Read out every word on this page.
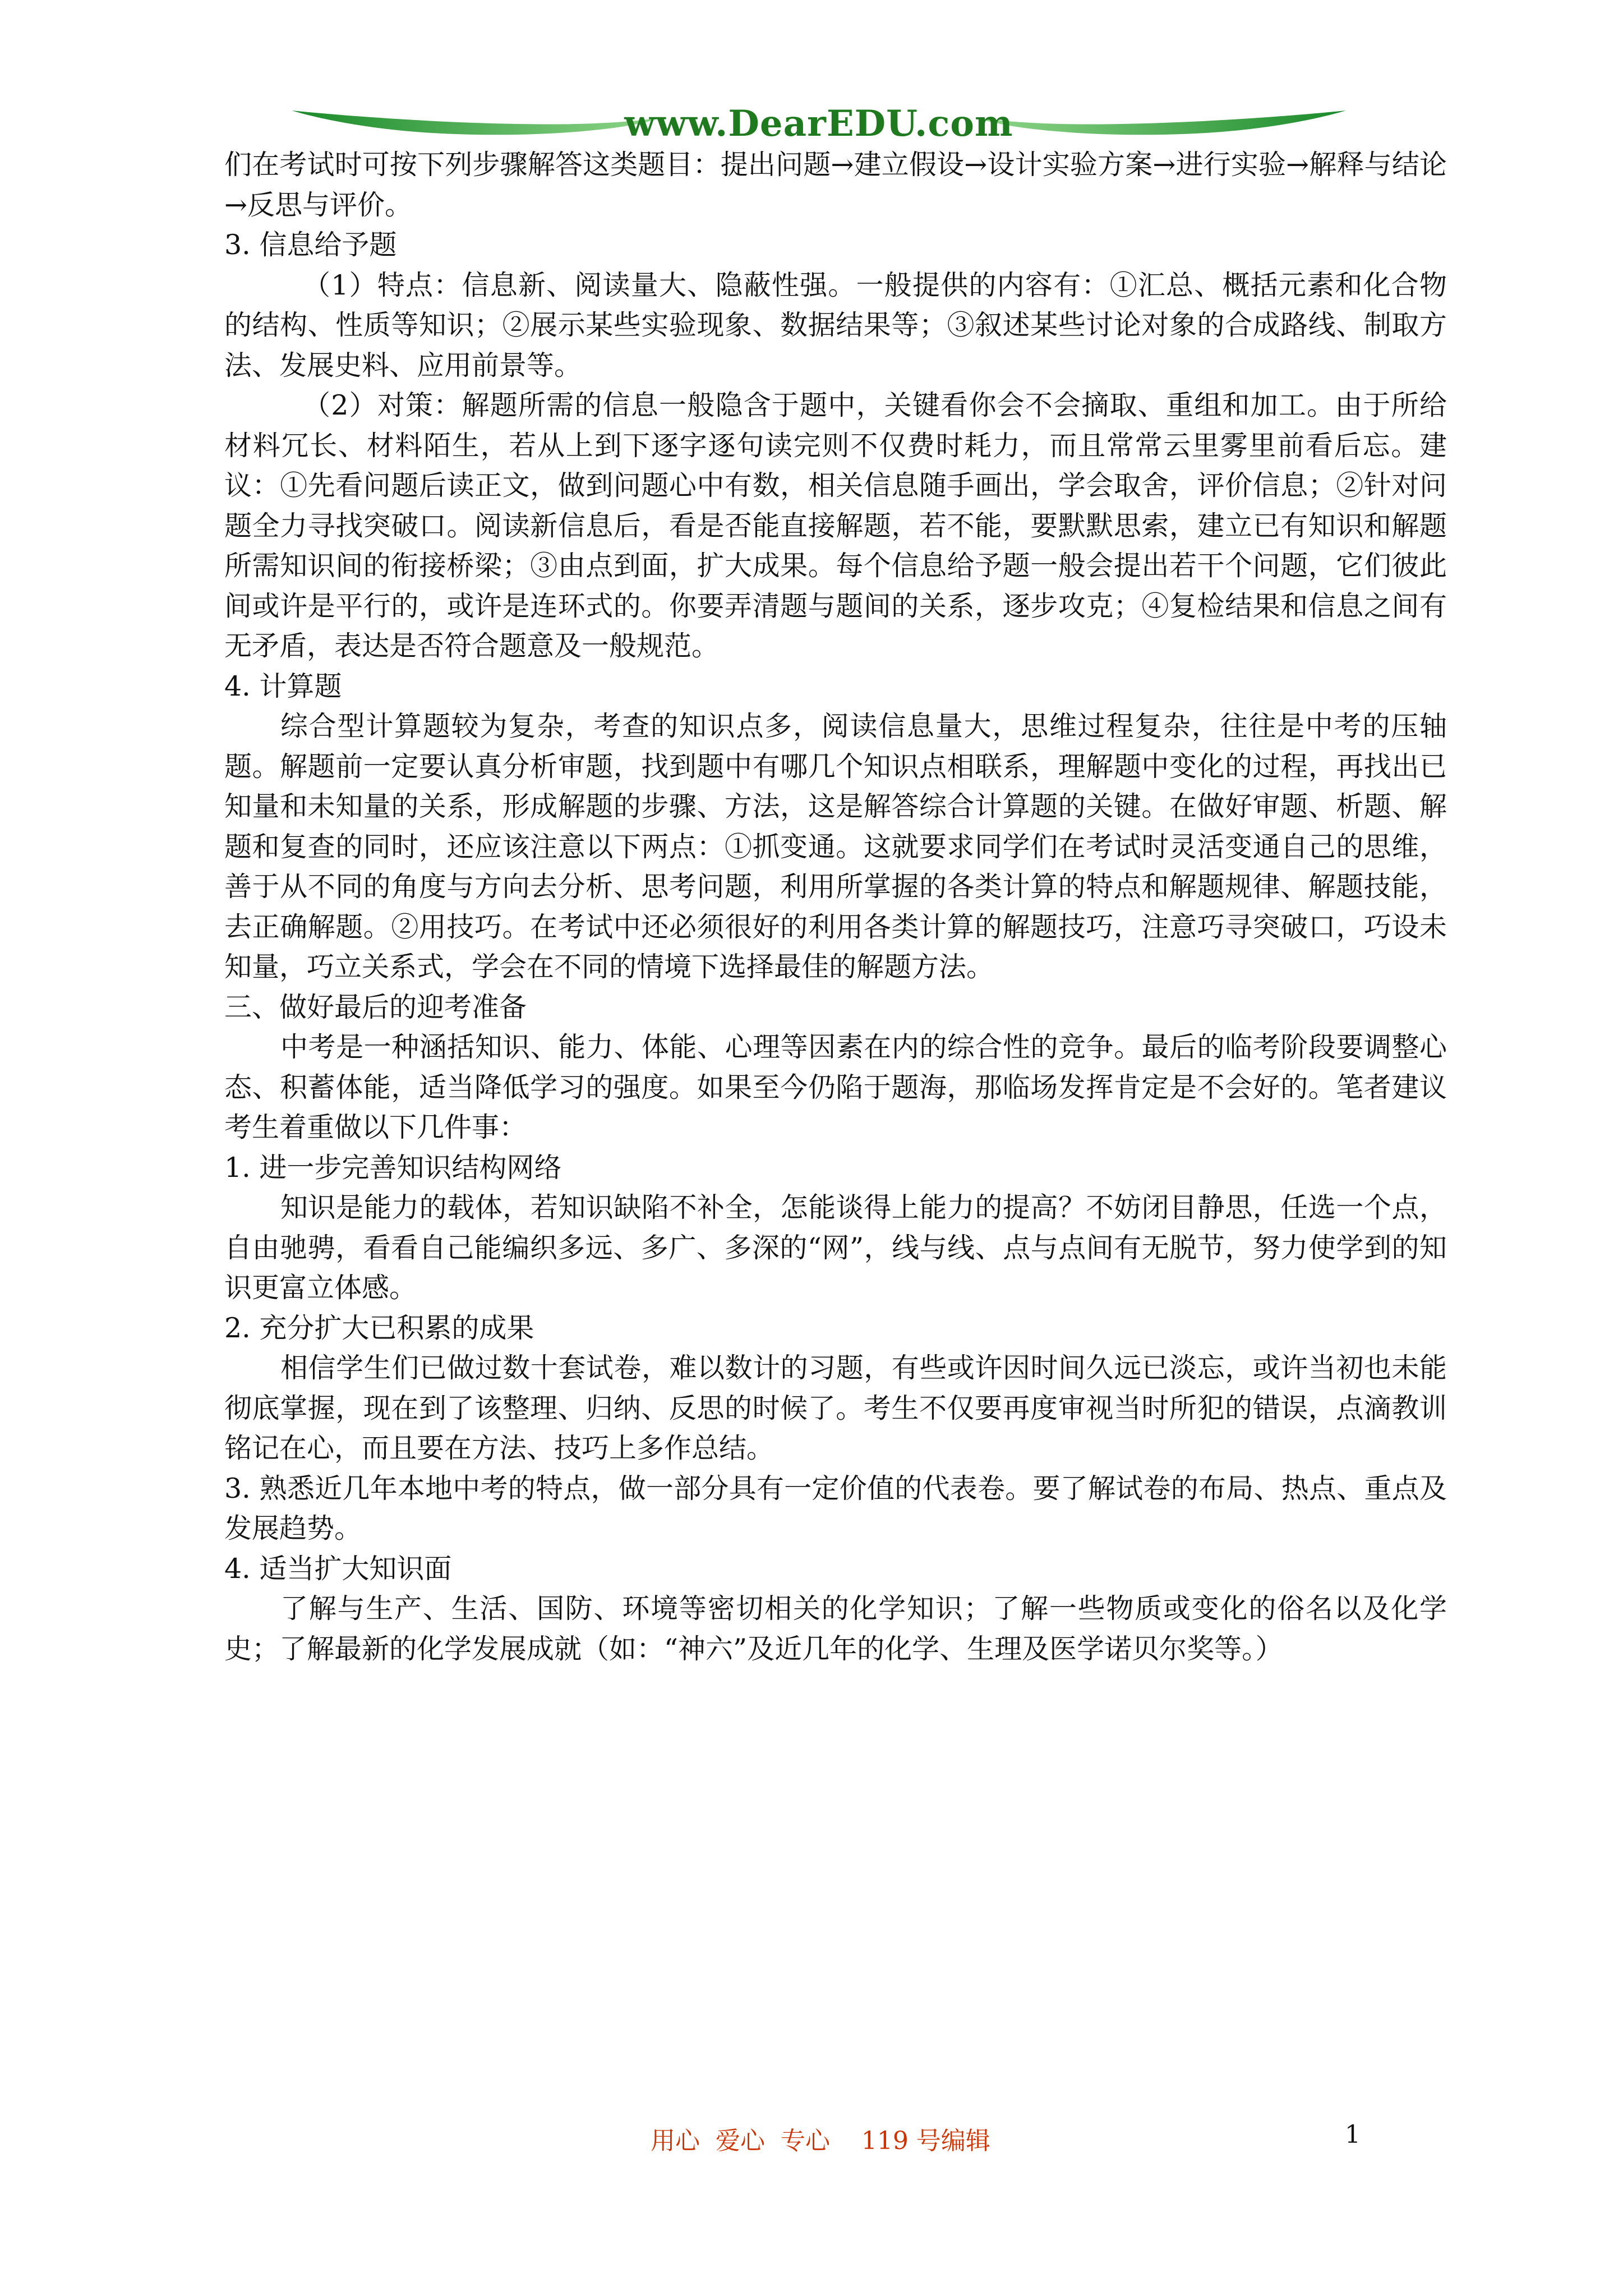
www.DearEDU.com

们在考试时可按下列步骤解答这类题目：提出问题→建立假设→设计实验方案→进行实验→解释与结论→反思与评价。

3. 信息给予题

（1）特点：信息新、阅读量大、隐蔽性强。一般提供的内容有：①汇总、概括元素和化合物的结构、性质等知识；②展示某些实验现象、数据结果等；③叙述某些讨论对象的合成路线、制取方法、发展史料、应用前景等。

（2）对策：解题所需的信息一般隐含于题中，关键看你会不会摘取、重组和加工。由于所给材料冗长、材料陌生，若从上到下逐字逐句读完则不仅费时耗力，而且常常云里雾里前看后忘。建议：①先看问题后读正文，做到问题心中有数，相关信息随手画出，学会取舍，评价信息；②针对问题全力寻找突破口。阅读新信息后，看是否能直接解题，若不能，要默默思索，建立已有知识和解题所需知识间的衔接桥梁；③由点到面，扩大成果。每个信息给予题一般会提出若干个问题，它们彼此间或许是平行的，或许是连环式的。你要弄清题与题间的关系，逐步攻克；④复检结果和信息之间有无矛盾，表达是否符合题意及一般规范。

4. 计算题

综合型计算题较为复杂，考查的知识点多，阅读信息量大，思维过程复杂，往往是中考的压轴题。解题前一定要认真分析审题，找到题中有哪几个知识点相联系，理解题中变化的过程，再找出已知量和未知量的关系，形成解题的步骤、方法，这是解答综合计算题的关键。在做好审题、析题、解题和复查的同时，还应该注意以下两点：①抓变通。这就要求同学们在考试时灵活变通自己的思维，善于从不同的角度与方向去分析、思考问题，利用所掌握的各类计算的特点和解题规律、解题技能，去正确解题。②用技巧。在考试中还必须很好的利用各类计算的解题技巧，注意巧寻突破口，巧设未知量，巧立关系式，学会在不同的情境下选择最佳的解题方法。

三、做好最后的迎考准备

中考是一种涵括知识、能力、体能、心理等因素在内的综合性的竞争。最后的临考阶段要调整心态、积蓄体能，适当降低学习的强度。如果至今仍陷于题海，那临场发挥肯定是不会好的。笔者建议考生着重做以下几件事：

1. 进一步完善知识结构网络

知识是能力的载体，若知识缺陷不补全，怎能谈得上能力的提高？不妨闭目静思，任选一个点，自由驰骋，看看自己能编织多远、多广、多深的“网”，线与线、点与点间有无脱节，努力使学到的知识更富立体感。

2. 充分扩大已积累的成果

相信学生们已做过数十套试卷，难以数计的习题，有些或许因时间久远已淡忘，或许当初也未能彻底掌握，现在到了该整理、归纳、反思的时候了。考生不仅要再度审视当时所犯的错误，点滴教训铭记在心，而且要在方法、技巧上多作总结。

3. 熟悉近几年本地中考的特点，做一部分具有一定价值的代表卷。要了解试卷的布局、热点、重点及发展趋势。

4. 适当扩大知识面

了解与生产、生活、国防、环境等密切相关的化学知识；了解一些物质或变化的俗名以及化学史；了解最新的化学发展成就（如：“神六”及近几年的化学、生理及医学诺贝尔奖等。）

用心  爱心  专心    119 号编辑	1
